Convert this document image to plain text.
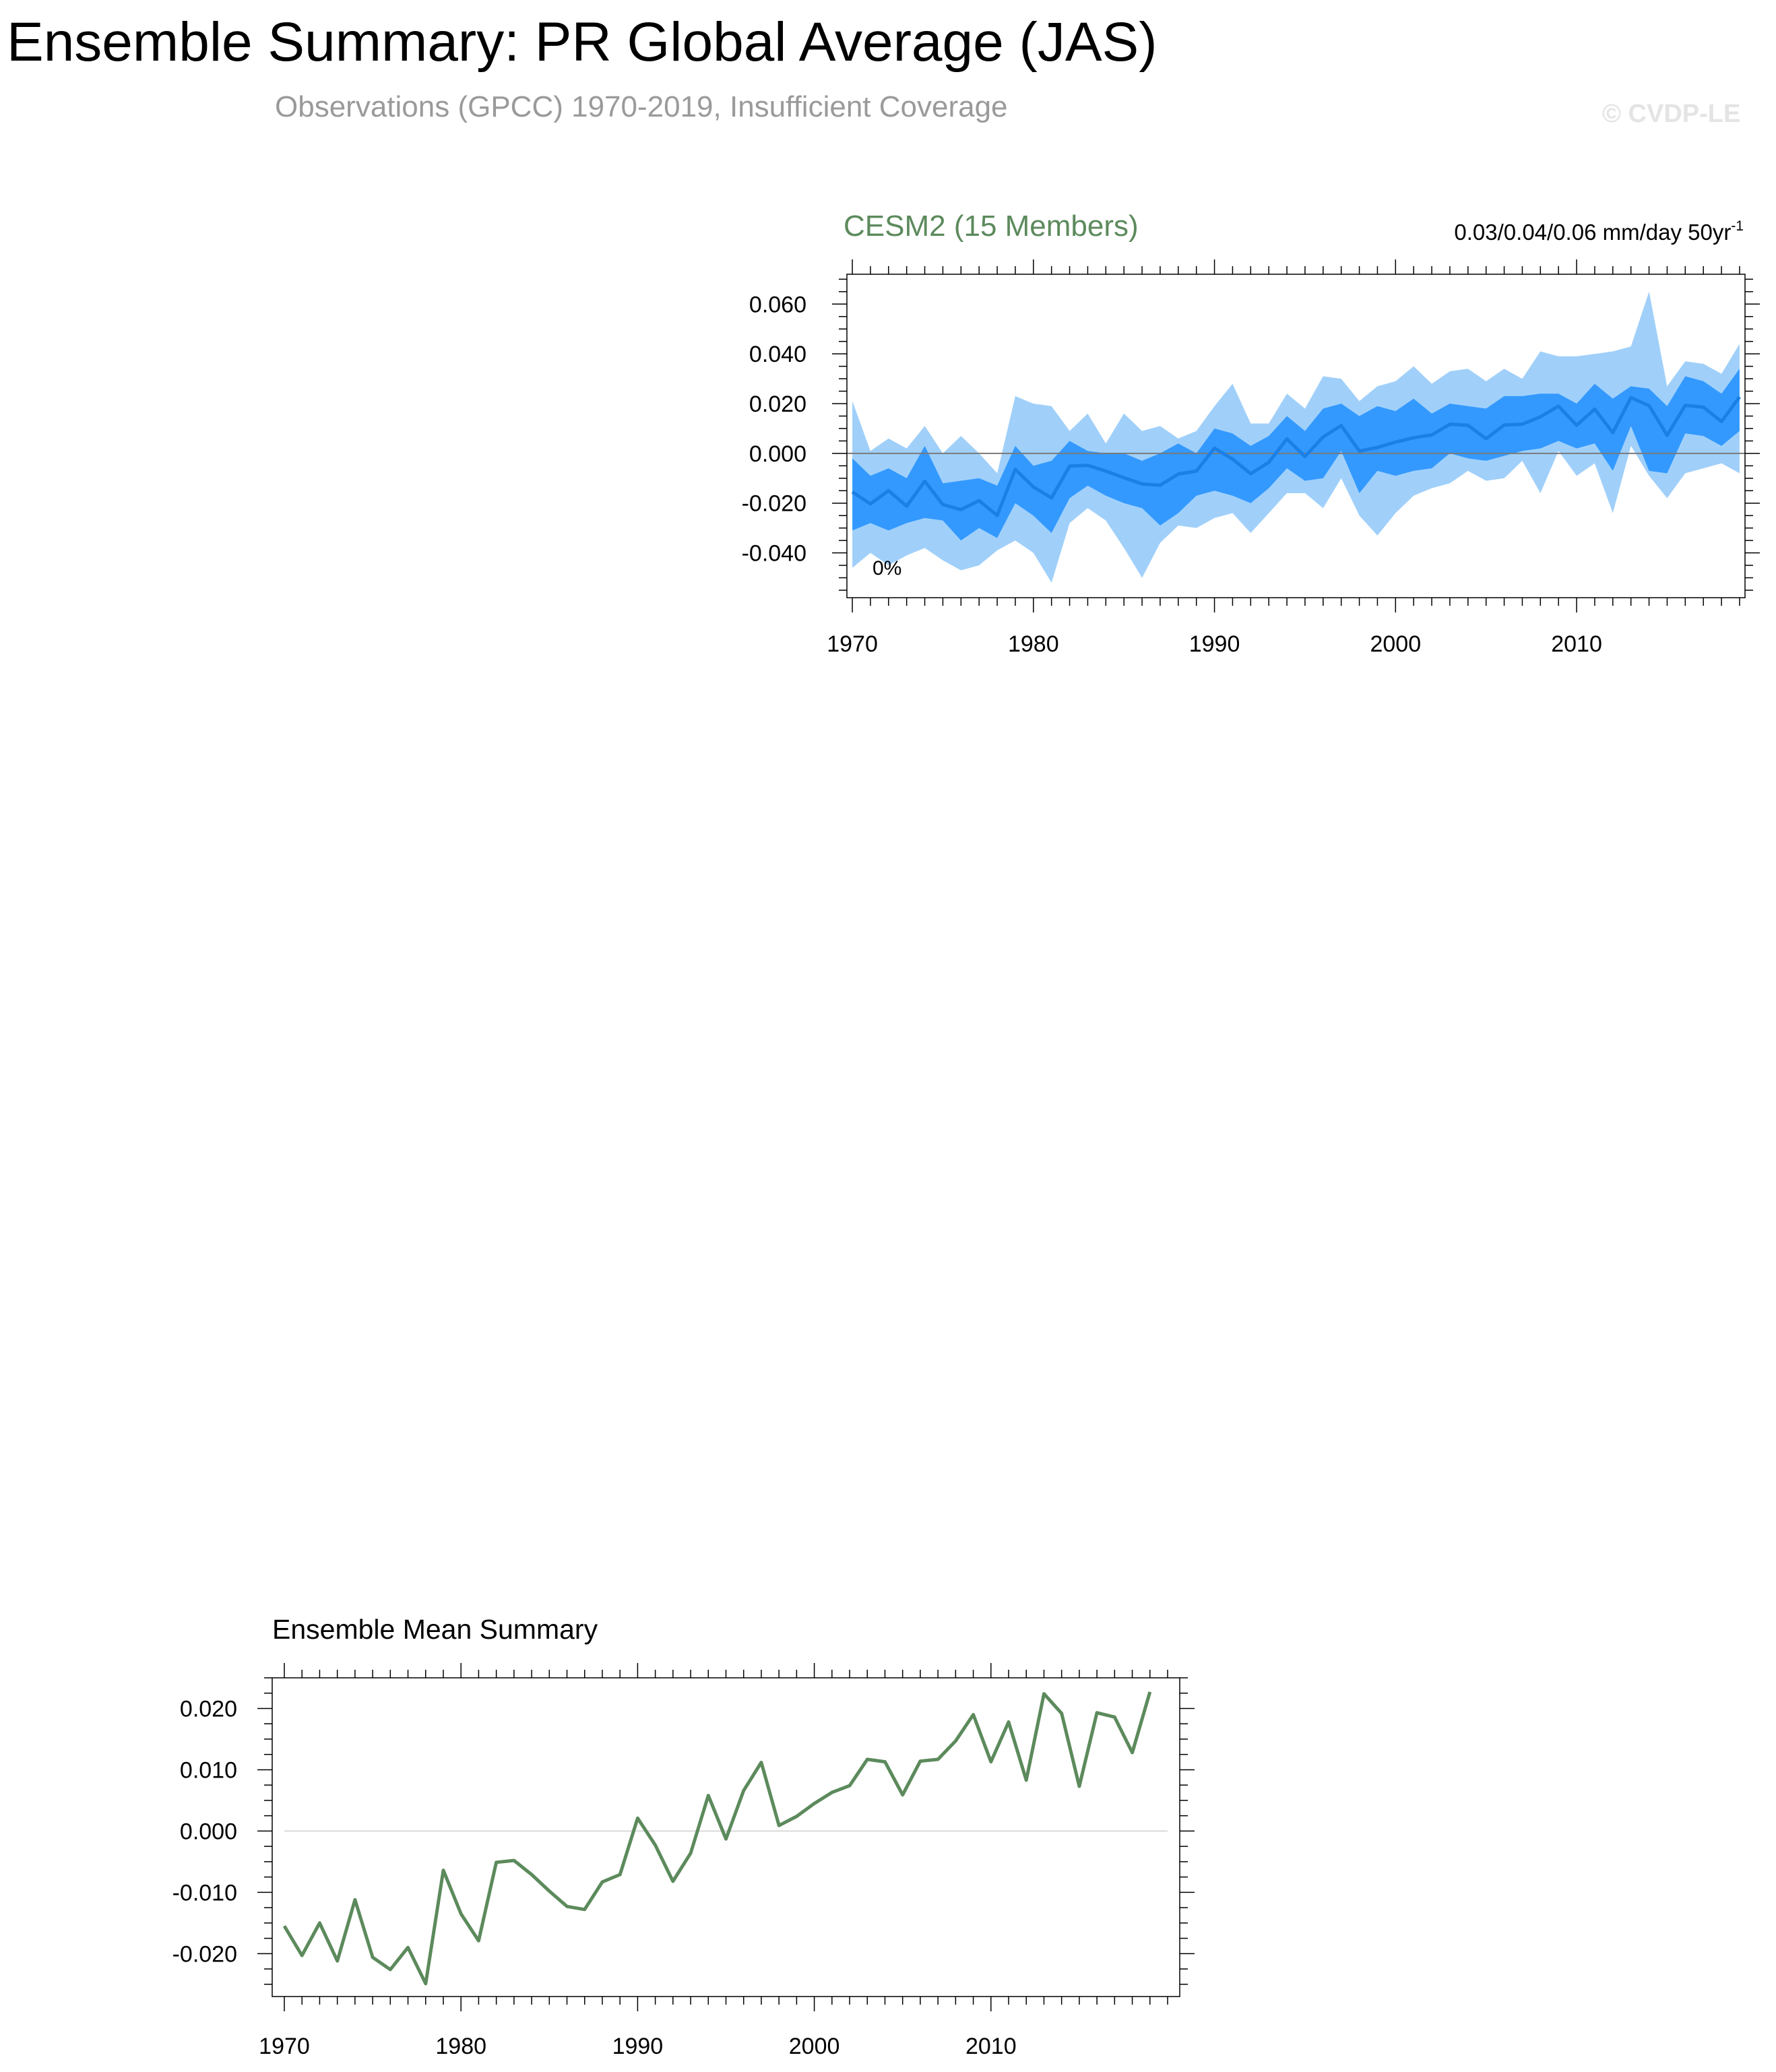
Ensemble Summary: PR Global Average (JAS)
Observations (GPCC) 1970-2019, Insufficient Coverage	© CVDP-LE
CESM2 (15 Members)	0.03/0.04/0.06 mm/day $50yr^{-1}$
1970	1980	1990	2000	2010
-0.040
-0.020
0.000
0.020
0.040
0.060
0%
Ensemble Mean Summary
1970	1980	1990	2000	2010
-0.020
-0.010
0.000
0.010
0.020
